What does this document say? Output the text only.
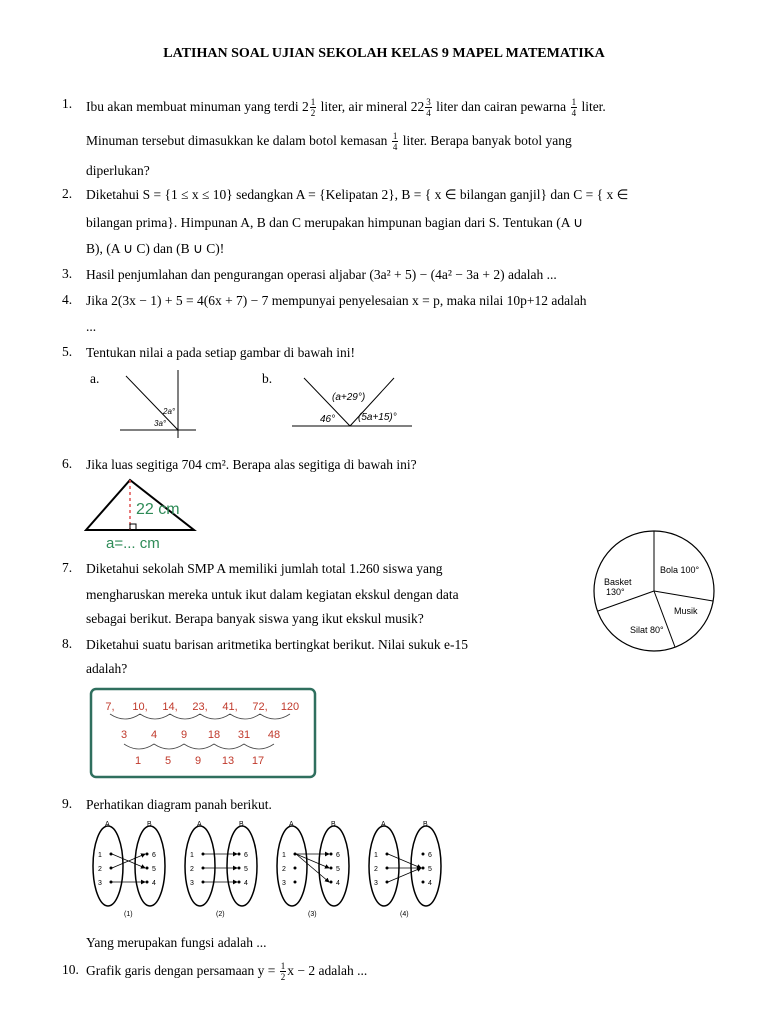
LATIHAN SOAL UJIAN SEKOLAH KELAS 9 MAPEL MATEMATIKA
1. Ibu akan membuat minuman yang terdi $2 \frac{1}{2}$ liter, air mineral $22 \frac{3}{4}$ liter dan cairan pewarna $\frac{1}{4}$ liter.
Minuman tersebut dimasukkan ke dalam botol kemasan $\frac{1}{4}$ liter. Berapa banyak botol yang
diperlukan?
2. Diketahui S = {1 ≤ x ≤ 10} sedangkan A = {Kelipatan 2}, B = { x ∈ bilangan ganjil} dan C = { x ∈
bilangan prima}. Himpunan A, B dan C merupakan himpunan bagian dari S. Tentukan (A ∪
B), (A ∪ C) dan (B ∪ C)!
3. Hasil penjumlahan dan pengurangan operasi aljabar (3a² + 5) − (4a² − 3a + 2) adalah ...
4. Jika 2(3x − 1) + 5 = 4(6x + 7) − 7 mempunyai penyelesaian x = p, maka nilai 10p+12 adalah
...
5. Tentukan nilai a pada setiap gambar di bawah ini!
a.	b.
2a°
3a°
(a+29°)
46° (5a+15)°
6. Jika luas segitiga 704 cm². Berapa alas segitiga di bawah ini?
22 cm
a=... cm
7. Diketahui sekolah SMP A memiliki jumlah total 1.260 siswa yang
mengharuskan mereka untuk ikut dalam kegiatan ekskul dengan data
sebagai berikut. Berapa banyak siswa yang ikut ekskul musik?
Bola 100°
Basket
130°
Musik
Silat 80°
8. Diketahui suatu barisan aritmetika bertingkat berikut. Nilai sukuk e-15
adalah?
7, 10, 14, 23, 41, 72, 120
3 4 9 18 31 48
1 5 9 13 17
9. Perhatikan diagram panah berikut.
A	B
1
2
3
6
5
4
(1)
A	B
1
2
3
6
5
4
(2)
A	B
1
2
3
6
5
4
(3)
A	B
1
2
3
6
5
4
(4)
Yang merupakan fungsi adalah ...
10. Grafik garis dengan persamaan $y = \frac{1}{2}$ x − 2 adalah ...
